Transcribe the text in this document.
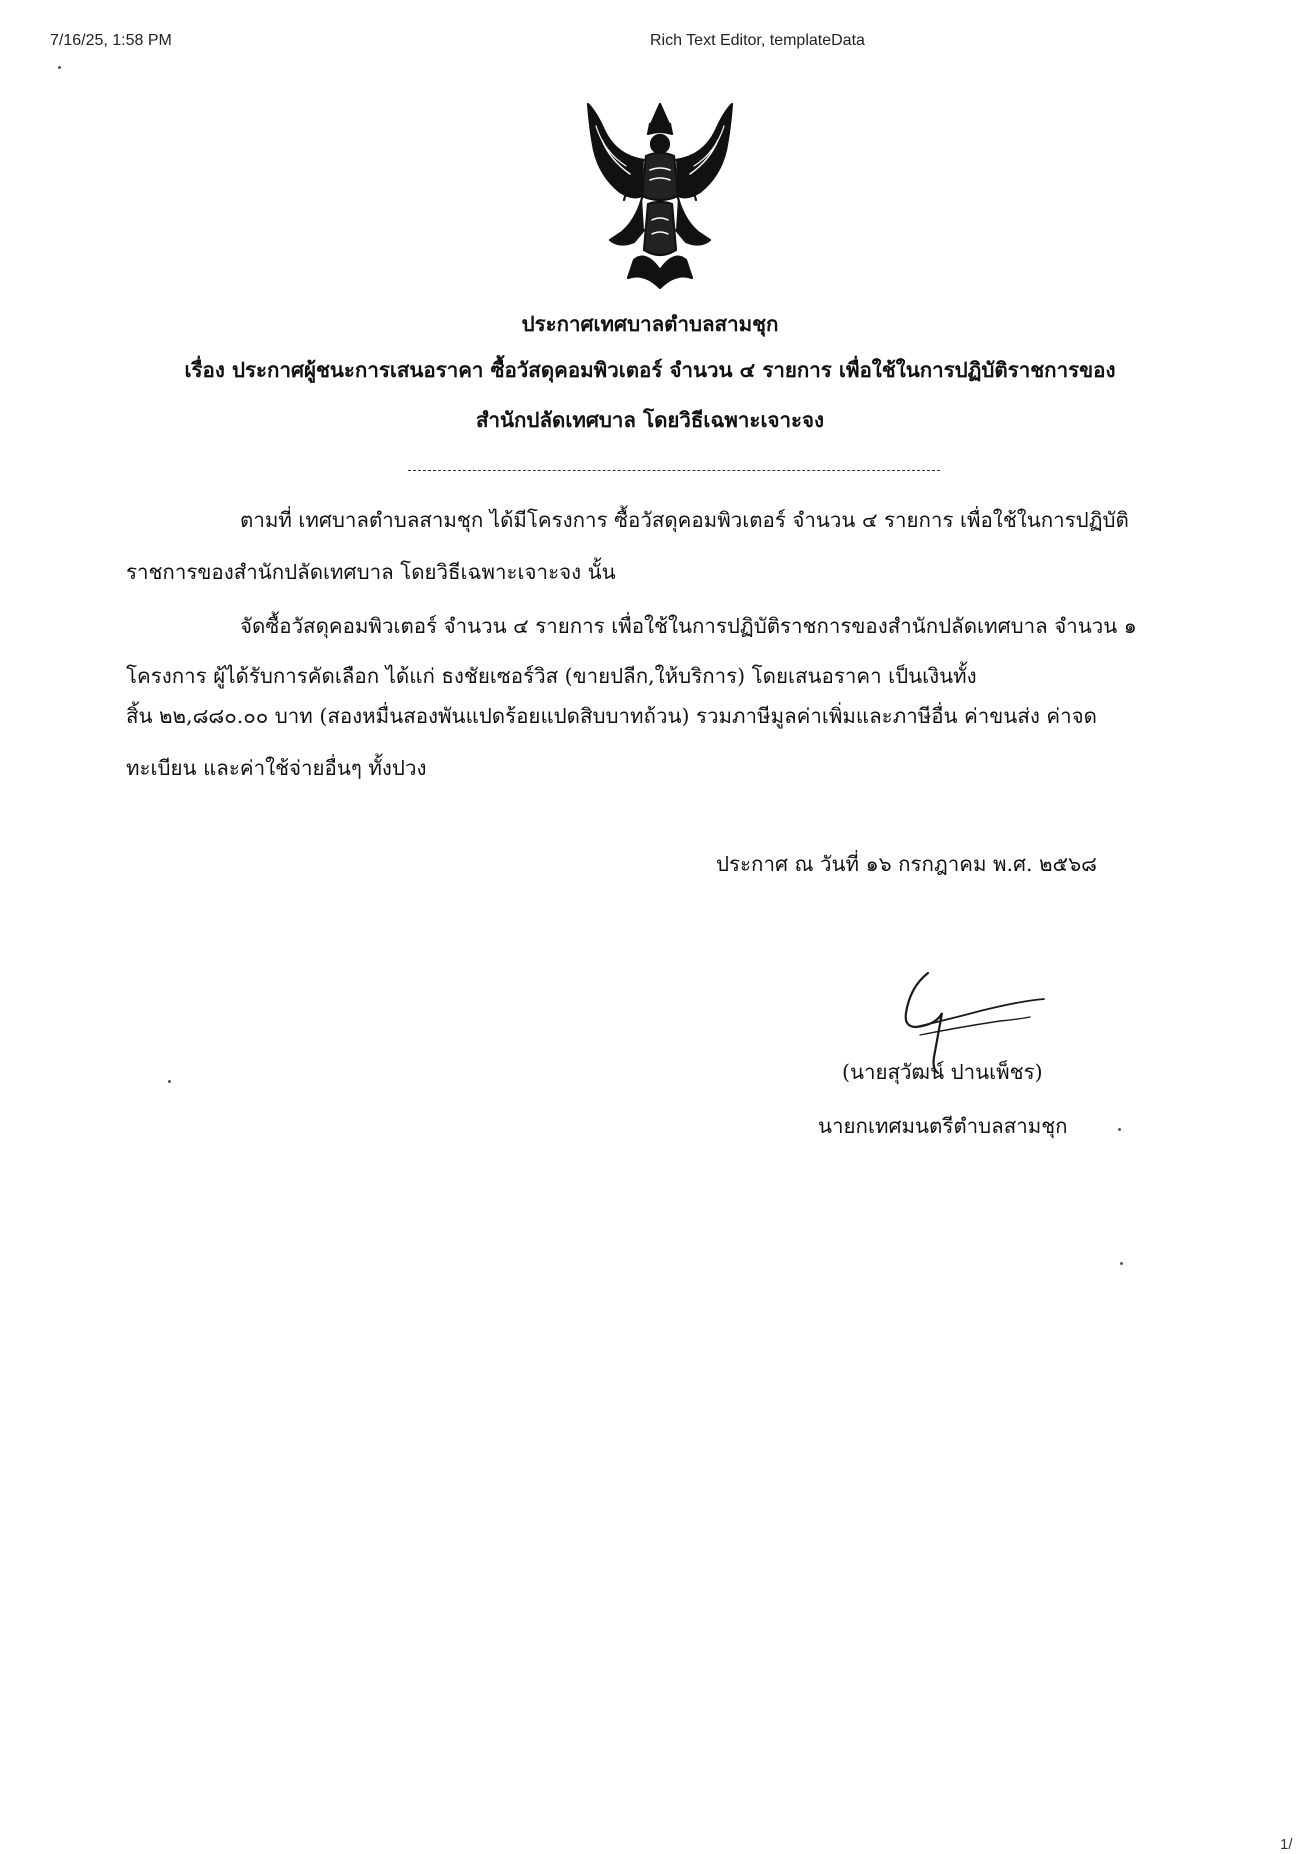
7/16/25, 1:58 PM	Rich Text Editor, templateData
ประกาศเทศบาลตำบลสามชุก
เรื่อง ประกาศผู้ชนะการเสนอราคา ซื้อวัสดุคอมพิวเตอร์ จำนวน ๔ รายการ เพื่อใช้ในการปฏิบัติราชการของ
สำนักปลัดเทศบาล โดยวิธีเฉพาะเจาะจง
ตามที่ เทศบาลตำบลสามชุก ได้มีโครงการ ซื้อวัสดุคอมพิวเตอร์ จำนวน ๔ รายการ เพื่อใช้ในการปฏิบัติ
ราชการของสำนักปลัดเทศบาล โดยวิธีเฉพาะเจาะจง นั้น
จัดซื้อวัสดุคอมพิวเตอร์ จำนวน ๔ รายการ เพื่อใช้ในการปฏิบัติราชการของสำนักปลัดเทศบาล จำนวน ๑
โครงการ ผู้ได้รับการคัดเลือก ได้แก่ ธงชัยเซอร์วิส (ขายปลีก,ให้บริการ) โดยเสนอราคา เป็นเงินทั้ง
สิ้น ๒๒,๘๘๐.๐๐ บาท (สองหมื่นสองพันแปดร้อยแปดสิบบาทถ้วน) รวมภาษีมูลค่าเพิ่มและภาษีอื่น ค่าขนส่ง ค่าจด
ทะเบียน และค่าใช้จ่ายอื่นๆ ทั้งปวง
ประกาศ ณ วันที่ ๑๖ กรกฎาคม พ.ศ. ๒๕๖๘
(นายสุวัฒน์ ปานเพ็ชร)
นายกเทศมนตรีตำบลสามชุก
1/
